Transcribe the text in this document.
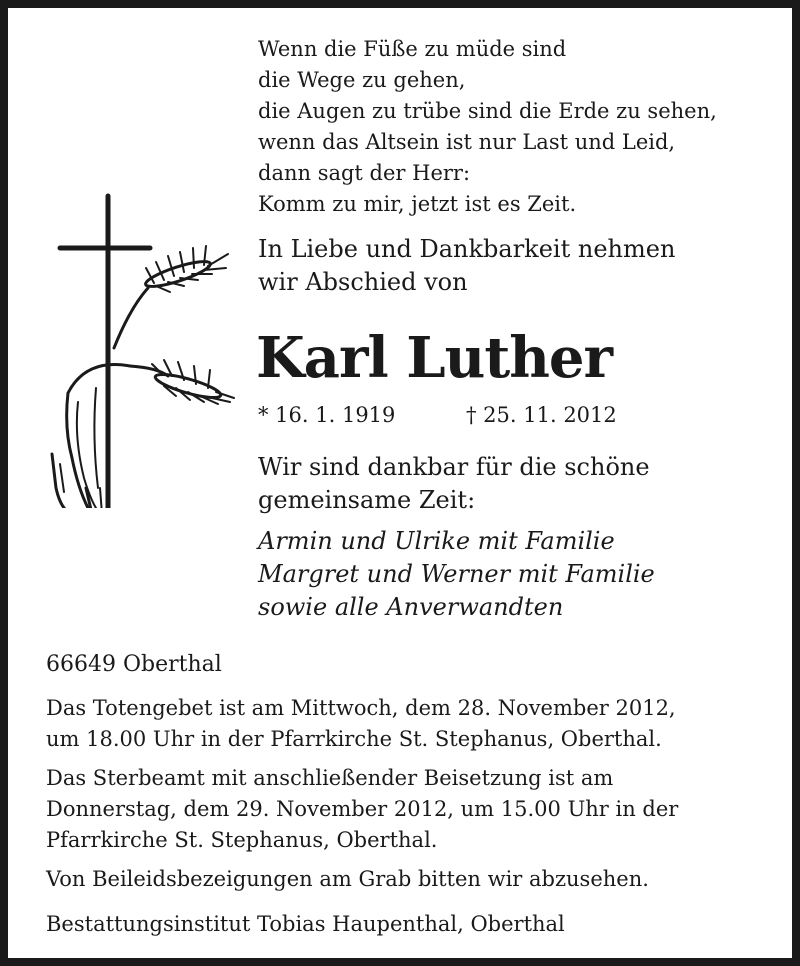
Wenn die Füße zu müde sind
die Wege zu gehen,
die Augen zu trübe sind die Erde zu sehen,
wenn das Altsein ist nur Last und Leid,
dann sagt der Herr:
Komm zu mir, jetzt ist es Zeit.
In Liebe und Dankbarkeit nehmen
wir Abschied von
Karl Luther
* 16. 1. 1919	† 25. 11. 2012
Wir sind dankbar für die schöne
gemeinsame Zeit:
Armin und Ulrike mit Familie
Margret und Werner mit Familie
sowie alle Anverwandten
66649 Oberthal
Das Totengebet ist am Mittwoch, dem 28. November 2012,
um 18.00 Uhr in der Pfarrkirche St. Stephanus, Oberthal.
Das Sterbeamt mit anschließender Beisetzung ist am
Donnerstag, dem 29. November 2012, um 15.00 Uhr in der
Pfarrkirche St. Stephanus, Oberthal.
Von Beileidsbezeigungen am Grab bitten wir abzusehen.
Bestattungsinstitut Tobias Haupenthal, Oberthal
